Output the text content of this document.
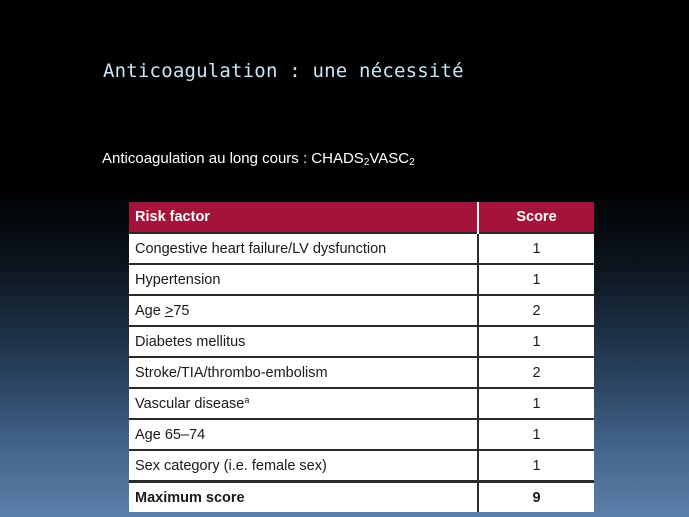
Anticoagulation : une nécessité
Anticoagulation au long cours : $CHADS_2VASC_2$
Risk factor	Score
Congestive heart failure/LV dysfunction	1
Hypertension	1
Age ≥75	2
Diabetes mellitus	1
Stroke/TIA/thrombo-embolism	2
Vascular disease$^a$	1
Age 65–74	1
Sex category (i.e. female sex)	1
Maximum score	9
